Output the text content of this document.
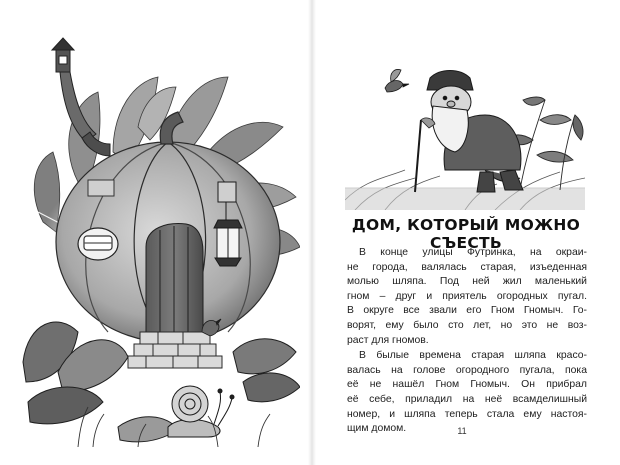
ДОМ, КОТОРЫЙ МОЖНО СЪЕСТЬ

В конце улицы Футринка, на окраи-
не города, валялась старая, изъеденная
молью шляпа. Под ней жил маленький
гном – друг и приятель огородных пугал.
В округе все звали его Гном Гномыч. Го-
ворят, ему было сто лет, но это не воз-
раст для гномов.

В былые времена старая шляпа красо-
валась на голове огородного пугала, пока
её не нашёл Гном Гномыч. Он прибрал
её себе, приладил на неё всамделишный
номер, и шляпа теперь стала ему настоя-
щим домом.	11
